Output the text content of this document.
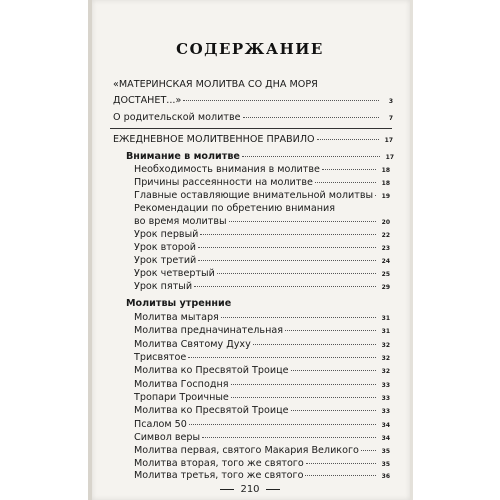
СОДЕРЖАНИЕ
«МАТЕРИНСКАЯ МОЛИТВА СО ДНА МОРЯ
ДОСТАНЕТ...»	3
О родительской молитве	7
ЕЖЕДНЕВНОЕ МОЛИТВЕННОЕ ПРАВИЛО	17
Внимание в молитве	17
Необходимость внимания в молитве	18
Причины рассеянности на молитве	18
Главные оставляющие внимательной молитвы	19
Рекомендации по обретению внимания
во время молитвы	20
Урок первый	22
Урок второй	23
Урок третий	24
Урок четвертый	25
Урок пятый	29
Молитвы утренние
Молитва мытаря	31
Молитва предначинательная	31
Молитва Святому Духу	32
Трисвятое	32
Молитва ко Пресвятой Троице	32
Молитва Господня	33
Тропари Троичные	33
Молитва ко Пресвятой Троице	33
Псалом 50	34
Символ веры	34
Молитва первая, святого Макария Великого	35
Молитва вторая, того же святого	35
Молитва третья, того же святого	36
210
